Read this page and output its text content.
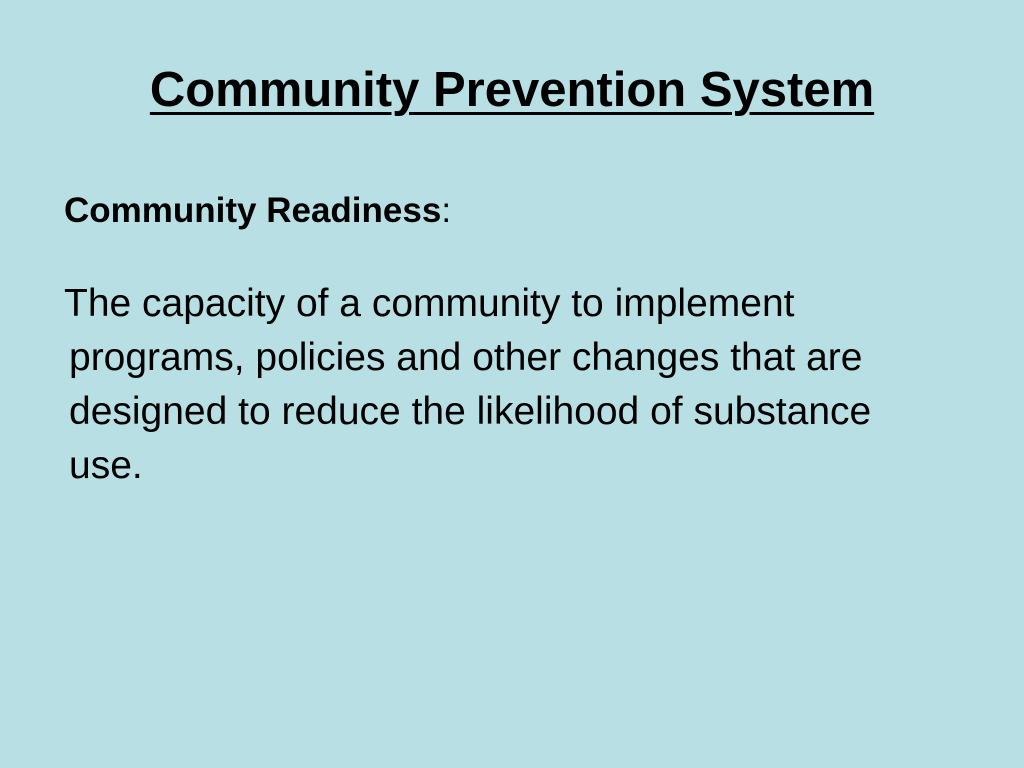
Community Prevention System
Community Readiness:

The capacity of a community to implement programs, policies and other changes that are designed to reduce the likelihood of substance use.
